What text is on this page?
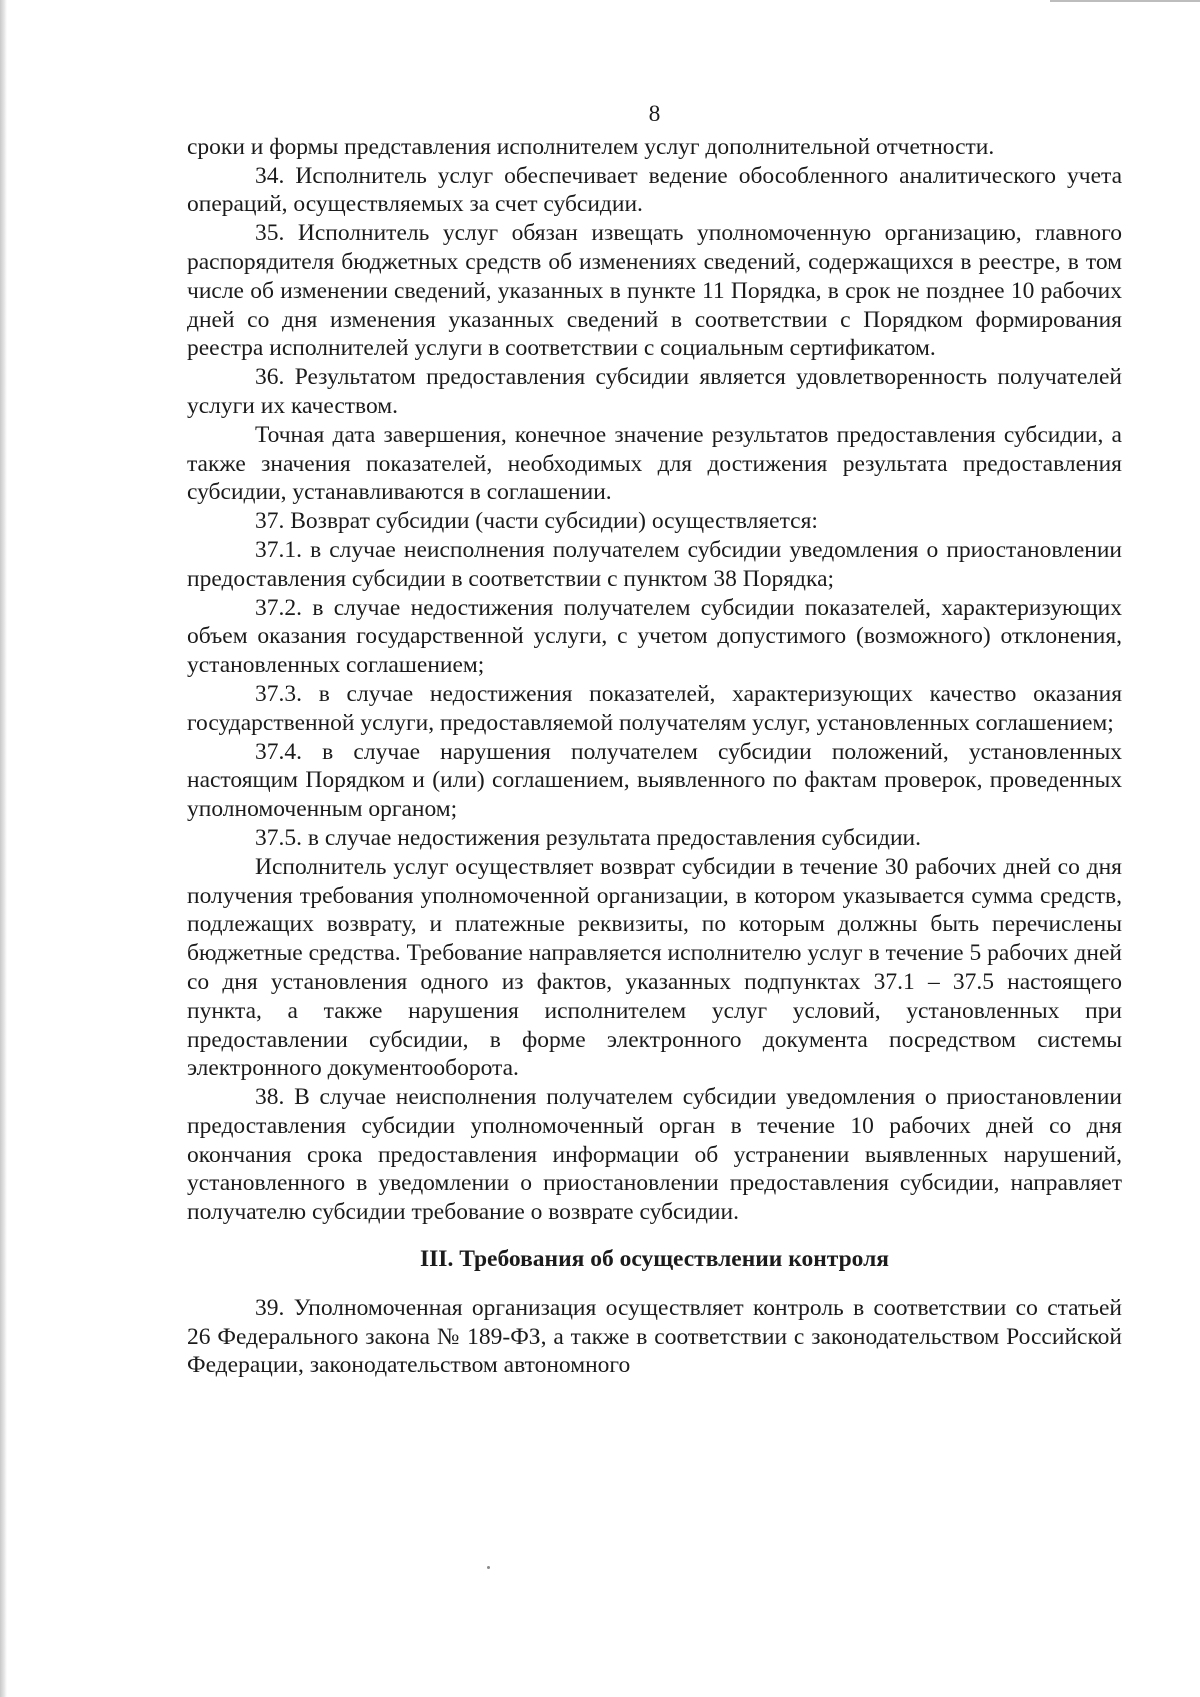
8

сроки и формы представления исполнителем услуг дополнительной отчетности.

34. Исполнитель услуг обеспечивает ведение обособленного аналитического учета операций, осуществляемых за счет субсидии.

35. Исполнитель услуг обязан извещать уполномоченную организацию, главного распорядителя бюджетных средств об изменениях сведений, содержащихся в реестре, в том числе об изменении сведений, указанных в пункте 11 Порядка, в срок не позднее 10 рабочих дней со дня изменения указанных сведений в соответствии с Порядком формирования реестра исполнителей услуги в соответствии с социальным сертификатом.

36. Результатом предоставления субсидии является удовлетворенность получателей услуги их качеством.

Точная дата завершения, конечное значение результатов предоставления субсидии, а также значения показателей, необходимых для достижения результата предоставления субсидии, устанавливаются в соглашении.

37. Возврат субсидии (части субсидии) осуществляется:

37.1. в случае неисполнения получателем субсидии уведомления о приостановлении предоставления субсидии в соответствии с пунктом 38 Порядка;

37.2. в случае недостижения получателем субсидии показателей, характеризующих объем оказания государственной услуги, с учетом допустимого (возможного) отклонения, установленных соглашением;

37.3. в случае недостижения показателей, характеризующих качество оказания государственной услуги, предоставляемой получателям услуг, установленных соглашением;

37.4. в случае нарушения получателем субсидии положений, установленных настоящим Порядком и (или) соглашением, выявленного по фактам проверок, проведенных уполномоченным органом;

37.5. в случае недостижения результата предоставления субсидии.

Исполнитель услуг осуществляет возврат субсидии в течение 30 рабочих дней со дня получения требования уполномоченной организации, в котором указывается сумма средств, подлежащих возврату, и платежные реквизиты, по которым должны быть перечислены бюджетные средства. Требование направляется исполнителю услуг в течение 5 рабочих дней со дня установления одного из фактов, указанных подпунктах 37.1 – 37.5 настоящего пункта, а также нарушения исполнителем услуг условий, установленных при предоставлении субсидии, в форме электронного документа посредством системы электронного документооборота.

38. В случае неисполнения получателем субсидии уведомления о приостановлении предоставления субсидии уполномоченный орган в течение 10 рабочих дней со дня окончания срока предоставления информации об устранении выявленных нарушений, установленного в уведомлении о приостановлении предоставления субсидии, направляет получателю субсидии требование о возврате субсидии.

III. Требования об осуществлении контроля

39. Уполномоченная организация осуществляет контроль в соответствии со статьей 26 Федерального закона № 189-ФЗ, а также в соответствии с законодательством Российской Федерации, законодательством автономного
